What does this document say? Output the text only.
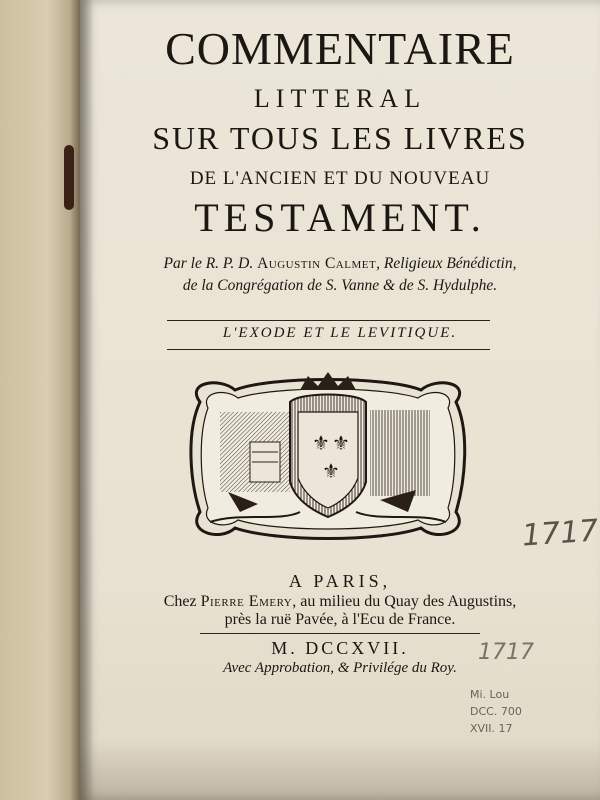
COMMENTAIRE
LITTERAL
SUR TOUS LES LIVRES
DE L'ANCIEN ET DU NOUVEAU
TESTAMENT.
Par le R. P. D. Augustin Calmet, Religieux Bénédictin,
de la Congrégation de S. Vanne & de S. Hydulphe.
L'EXODE ET LE LEVITIQUE.
⚜ ⚜
⚜
A PARIS,
Chez Pierre Emery, au milieu du Quay des Augustins,
près la ruë Pavée, à l'Ecu de France.
M. DCCXVII.
Avec Approbation, & Privilége du Roy.
1717
1717
Mi. Lou
DCC. 700
XVII. 17
